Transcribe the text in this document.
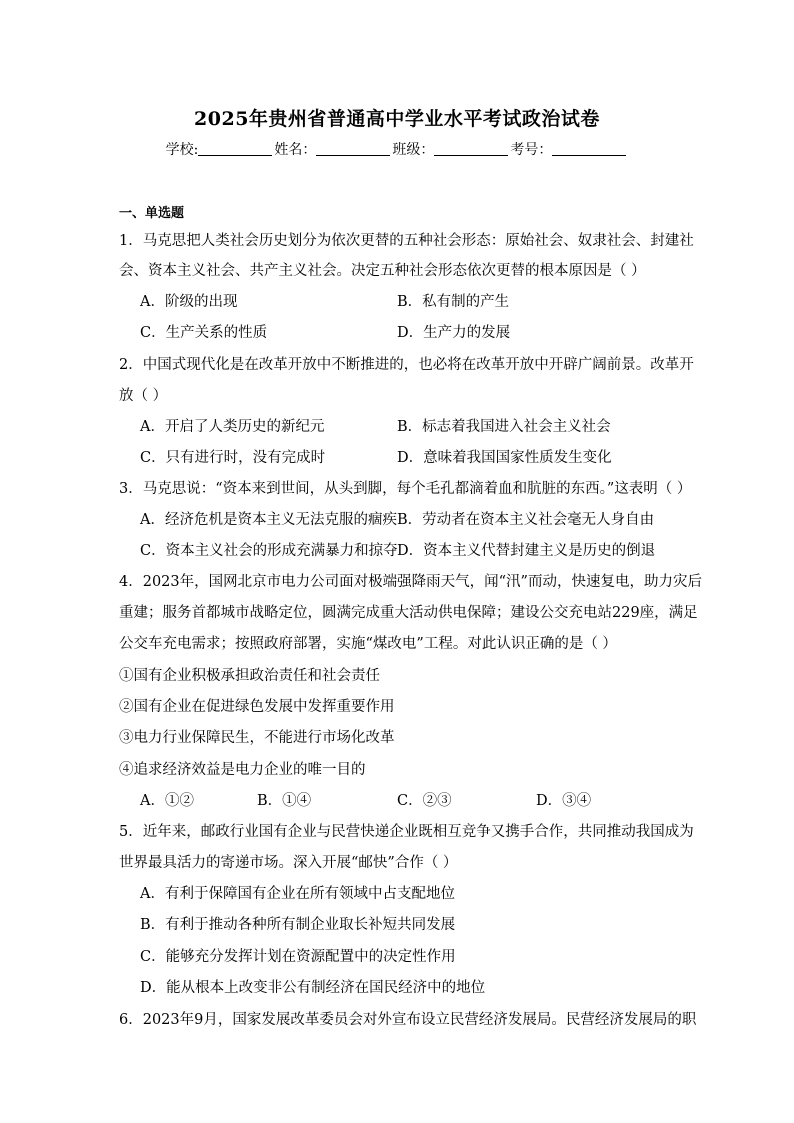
2025年贵州省普通高中学业水平考试政治试卷
学校:	姓名：	班级：	考号：
一、单选题
1．马克思把人类社会历史划分为依次更替的五种社会形态：原始社会、奴隶社会、封建社
会、资本主义社会、共产主义社会。决定五种社会形态依次更替的根本原因是（ ）
A．阶级的出现	B．私有制的产生
C．生产关系的性质	D．生产力的发展
2．中国式现代化是在改革开放中不断推进的，也必将在改革开放中开辟广阔前景。改革开
放（ ）
A．开启了人类历史的新纪元	B．标志着我国进入社会主义社会
C．只有进行时，没有完成时	D．意味着我国国家性质发生变化
3．马克思说：“资本来到世间，从头到脚，每个毛孔都滴着血和肮脏的东西。”这表明（ ）
A．经济危机是资本主义无法克服的痼疾 B．劳动者在资本主义社会毫无人身自由
C．资本主义社会的形成充满暴力和掠夺 D．资本主义代替封建主义是历史的倒退
4．2023年，国网北京市电力公司面对极端强降雨天气，闻“汛”而动，快速复电，助力灾后
重建；服务首都城市战略定位，圆满完成重大活动供电保障；建设公交充电站229座，满足
公交车充电需求；按照政府部署，实施“煤改电”工程。对此认识正确的是（ ）
①国有企业积极承担政治责任和社会责任
②国有企业在促进绿色发展中发挥重要作用
③电力行业保障民生，不能进行市场化改革
④追求经济效益是电力企业的唯一目的
A．①②	B．①④	C．②③	D．③④
5．近年来，邮政行业国有企业与民营快递企业既相互竞争又携手合作，共同推动我国成为
世界最具活力的寄递市场。深入开展“邮快”合作（ ）
A．有利于保障国有企业在所有领域中占支配地位
B．有利于推动各种所有制企业取长补短共同发展
C．能够充分发挥计划在资源配置中的决定性作用
D．能从根本上改变非公有制经济在国民经济中的地位
6．2023年9月，国家发展改革委员会对外宣布设立民营经济发展局。民营经济发展局的职
